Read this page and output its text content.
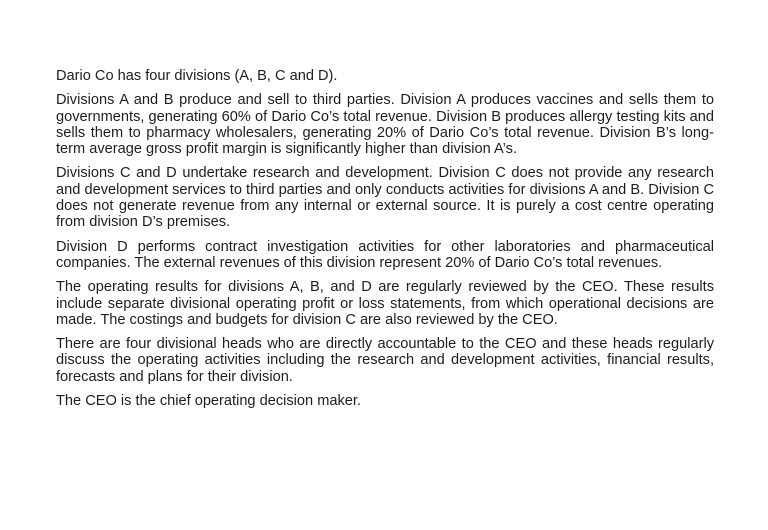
Dario Co has four divisions (A, B, C and D).

Divisions A and B produce and sell to third parties. Division A produces vaccines and sells them to governments, generating 60% of Dario Co’s total revenue. Division B produces allergy testing kits and sells them to pharmacy wholesalers, generating 20% of Dario Co’s total revenue. Division B’s long-term average gross profit margin is significantly higher than division A’s.

Divisions C and D undertake research and development. Division C does not provide any research and development services to third parties and only conducts activities for divisions A and B. Division C does not generate revenue from any internal or external source. It is purely a cost centre operating from division D’s premises.

Division D performs contract investigation activities for other laboratories and pharmaceutical companies. The external revenues of this division represent 20% of Dario Co’s total revenues.

The operating results for divisions A, B, and D are regularly reviewed by the CEO. These results include separate divisional operating profit or loss statements, from which operational decisions are made. The costings and budgets for division C are also reviewed by the CEO.

There are four divisional heads who are directly accountable to the CEO and these heads regularly discuss the operating activities including the research and development activities, financial results, forecasts and plans for their division.

The CEO is the chief operating decision maker.
